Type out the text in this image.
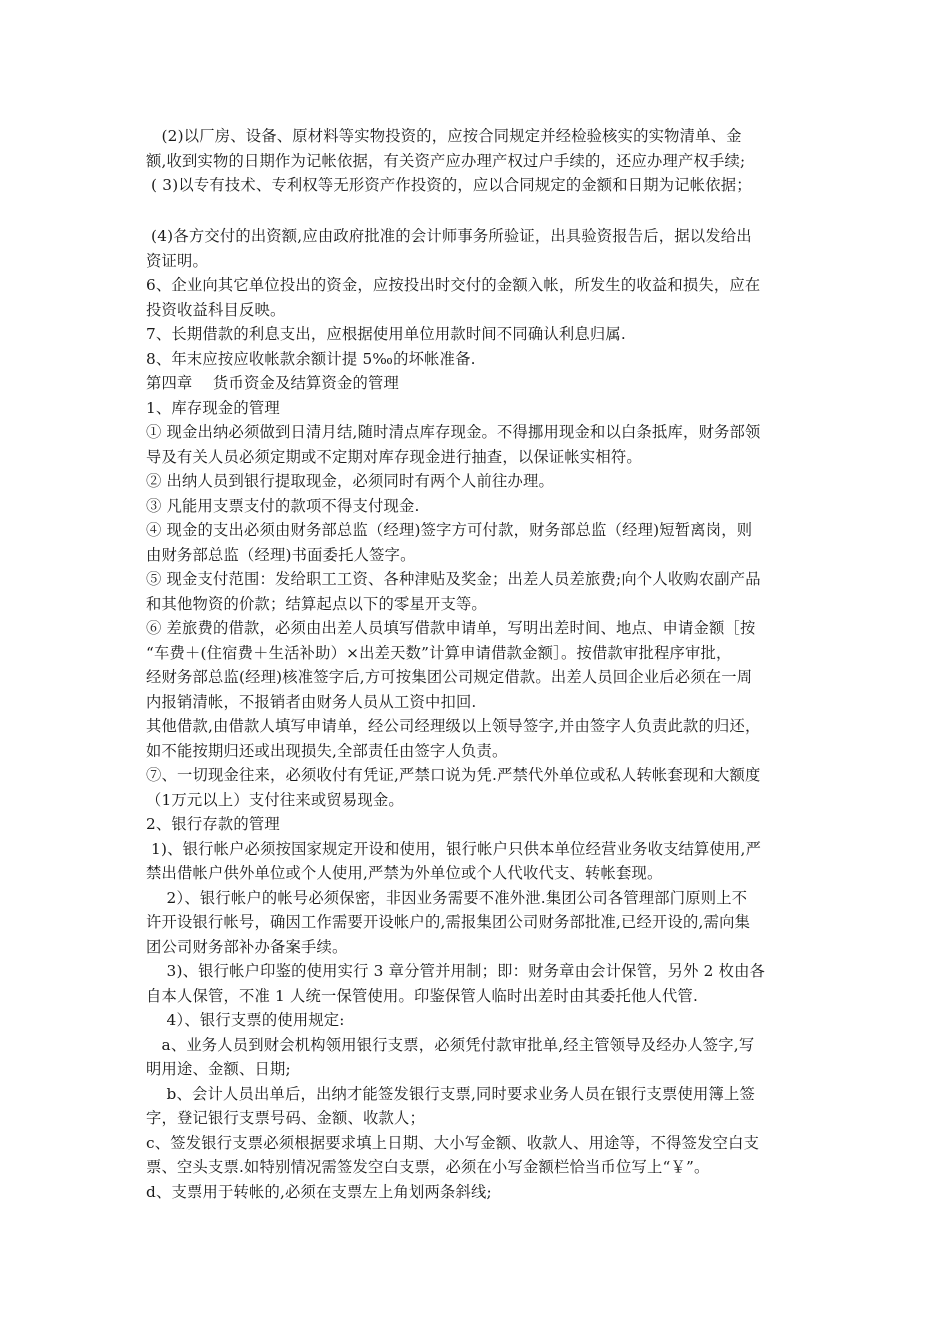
　(2)以厂房、设备、原材料等实物投资的，应按合同规定并经检验核实的实物清单、金
额,收到实物的日期作为记帐依据，有关资产应办理产权过户手续的，还应办理产权手续;
( 3)以专有技术、专利权等无形资产作投资的，应以合同规定的金额和日期为记帐依据；
(4)各方交付的出资额,应由政府批准的会计师事务所验证，出具验资报告后，据以发给出
资证明。
6、企业向其它单位投出的资金，应按投出时交付的金额入帐，所发生的收益和损失，应在
投资收益科目反映。
7、长期借款的利息支出，应根据使用单位用款时间不同确认利息归属.
8、年末应按应收帐款余额计提 5‰的坏帐准备.
第四章　 货币资金及结算资金的管理
1、库存现金的管理
① 现金出纳必须做到日清月结,随时清点库存现金。不得挪用现金和以白条抵库，财务部领
导及有关人员必须定期或不定期对库存现金进行抽查，以保证帐实相符。
② 出纳人员到银行提取现金，必须同时有两个人前往办理。
③ 凡能用支票支付的款项不得支付现金.
④ 现金的支出必须由财务部总监（经理)签字方可付款，财务部总监（经理)短暂离岗，则
由财务部总监（经理)书面委托人签字。
⑤ 现金支付范围：发给职工工资、各种津贴及奖金；出差人员差旅费;向个人收购农副产品
和其他物资的价款；结算起点以下的零星开支等。
⑥ 差旅费的借款，必须由出差人员填写借款申请单，写明出差时间、地点、申请金额［按
“车费＋(住宿费＋生活补助）×出差天数”计算申请借款金额］。按借款审批程序审批，
经财务部总监(经理)核准签字后,方可按集团公司规定借款。出差人员回企业后必须在一周
内报销清帐，不报销者由财务人员从工资中扣回.
其他借款,由借款人填写申请单，经公司经理级以上领导签字,并由签字人负责此款的归还，
如不能按期归还或出现损失,全部责任由签字人负责。
⑦、一切现金往来，必须收付有凭证,严禁口说为凭.严禁代外单位或私人转帐套现和大额度
（1万元以上）支付往来或贸易现金。
2、银行存款的管理
1)、银行帐户必须按国家规定开设和使用，银行帐户只供本单位经营业务收支结算使用,严
禁出借帐户供外单位或个人使用,严禁为外单位或个人代收代支、转帐套现。
　 2）、银行帐户的帐号必须保密，非因业务需要不准外泄.集团公司各管理部门原则上不
许开设银行帐号，确因工作需要开设帐户的,需报集团公司财务部批准,已经开设的,需向集
团公司财务部补办备案手续。
　 3)、银行帐户印鉴的使用实行 3 章分管并用制；即：财务章由会计保管，另外 2 枚由各
自本人保管，不准 1 人统一保管使用。印鉴保管人临时出差时由其委托他人代管.
　 4）、银行支票的使用规定:
　a、业务人员到财会机构领用银行支票，必须凭付款审批单,经主管领导及经办人签字,写
明用途、金额、日期;
　 b、会计人员出单后，出纳才能签发银行支票,同时要求业务人员在银行支票使用簿上签
字，登记银行支票号码、金额、收款人；
c、签发银行支票必须根据要求填上日期、大小写金额、收款人、用途等，不得签发空白支
票、空头支票.如特别情况需签发空白支票，必须在小写金额栏恰当币位写上“￥”。
d、支票用于转帐的,必须在支票左上角划两条斜线;
